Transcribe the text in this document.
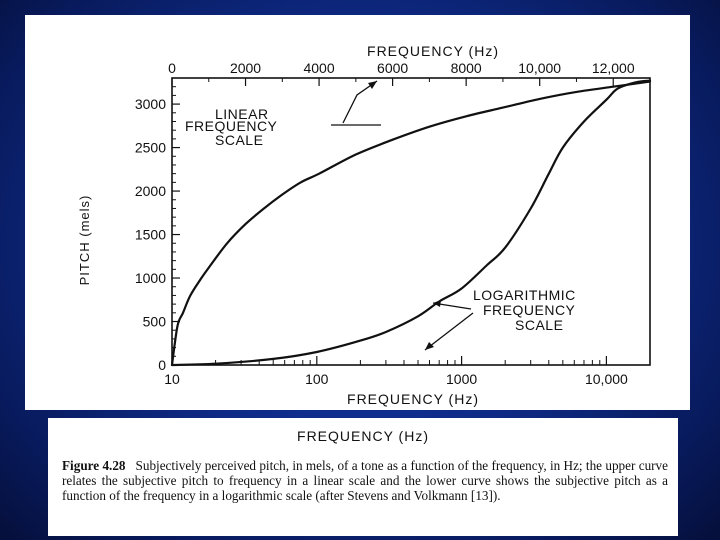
FREQUENCY (Hz)
FREQUENCY (Hz)
PITCH (mels)
LINEAR
FREQUENCY
SCALE
LOGARITHMIC
FREQUENCY
SCALE
0
500
1000
1500
2000
2500
3000
0	2000	4000	6000	8000	10,000 12,000
10	100	1000	10,000
FREQUENCY (Hz)
Figure 4.28 Subjectively perceived pitch, in mels, of a tone as a function of the frequency, in Hz; the upper curve relates the subjective pitch to frequency in a linear scale and the lower curve shows the subjective pitch as a function of the frequency in a logarithmic scale (after Stevens and Volkmann [13]).
